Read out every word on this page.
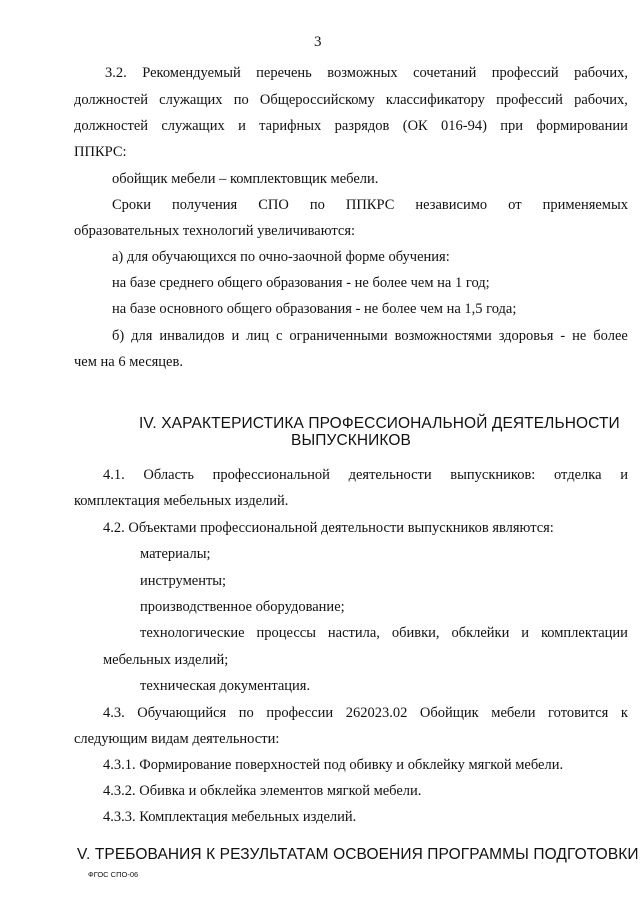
3
3.2. Рекомендуемый перечень возможных сочетаний профессий рабочих,
должностей служащих по Общероссийскому классификатору профессий рабочих,
должностей служащих и тарифных разрядов (ОК 016-94) при формировании
ППКРС:
обойщик мебели – комплектовщик мебели.
Сроки получения СПО по ППКРС независимо от применяемых
образовательных технологий увеличиваются:
а) для обучающихся по очно-заочной форме обучения:
на базе среднего общего образования - не более чем на 1 год;
на базе основного общего образования - не более чем на 1,5 года;
б) для инвалидов и лиц с ограниченными возможностями здоровья - не более
чем на 6 месяцев.
IV. ХАРАКТЕРИСТИКА ПРОФЕССИОНАЛЬНОЙ ДЕЯТЕЛЬНОСТИ
ВЫПУСКНИКОВ
4.1. Область профессиональной деятельности выпускников: отделка и
комплектация мебельных изделий.
4.2. Объектами профессиональной деятельности выпускников являются:
материалы;
инструменты;
производственное оборудование;
технологические процессы настила, обивки, обклейки и комплектации
мебельных изделий;
техническая документация.
4.3. Обучающийся по профессии 262023.02 Обойщик мебели готовится к
следующим видам деятельности:
4.3.1. Формирование поверхностей под обивку и обклейку мягкой мебели.
4.3.2. Обивка и обклейка элементов мягкой мебели.
4.3.3. Комплектация мебельных изделий.
V. ТРЕБОВАНИЯ К РЕЗУЛЬТАТАМ ОСВОЕНИЯ ПРОГРАММЫ ПОДГОТОВКИ
ФГОС СПО-06
